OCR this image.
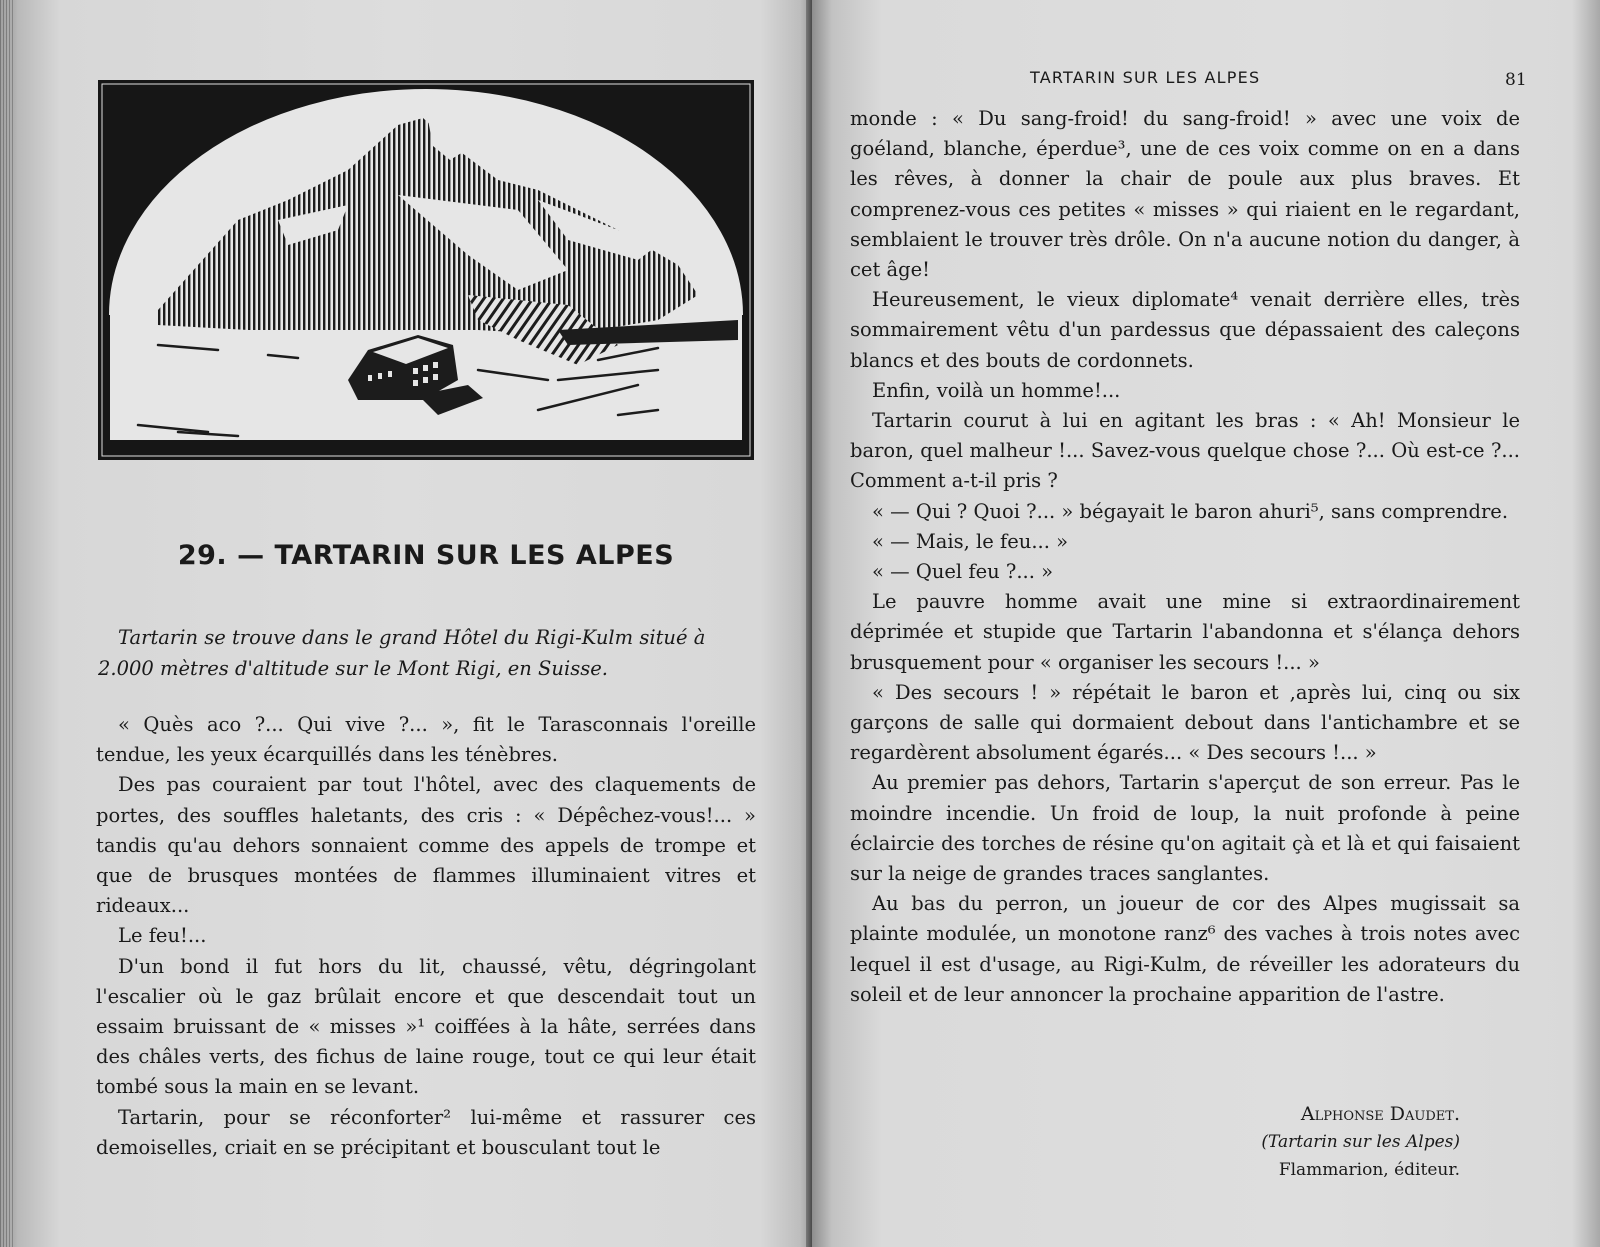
29. — TARTARIN SUR LES ALPES
Tartarin se trouve dans le grand Hôtel du Rigi-Kulm situé à 2.000 mètres d'altitude sur le Mont Rigi, en Suisse.

« Quès aco ?... Qui vive ?... », fit le Tarasconnais l'oreille tendue, les yeux écarquillés dans les ténèbres.

Des pas couraient par tout l'hôtel, avec des claquements de portes, des souffles haletants, des cris : « Dépêchez-vous!... » tandis qu'au dehors sonnaient comme des appels de trompe et que de brusques montées de flammes illuminaient vitres et rideaux...

Le feu!...

D'un bond il fut hors du lit, chaussé, vêtu, dégringolant l'escalier où le gaz brûlait encore et que descendait tout un essaim bruissant de « misses »¹ coiffées à la hâte, serrées dans des châles verts, des fichus de laine rouge, tout ce qui leur était tombé sous la main en se levant.

Tartarin, pour se réconforter² lui-même et rassurer ces demoiselles, criait en se précipitant et bousculant tout le

TARTARIN SUR LES ALPES	81

monde : « Du sang-froid! du sang-froid! » avec une voix de goéland, blanche, éperdue³, une de ces voix comme on en a dans les rêves, à donner la chair de poule aux plus braves. Et comprenez-vous ces petites « misses » qui riaient en le regardant, semblaient le trouver très drôle. On n'a aucune notion du danger, à cet âge!

Heureusement, le vieux diplomate⁴ venait derrière elles, très sommairement vêtu d'un pardessus que dépassaient des caleçons blancs et des bouts de cordonnets.

Enfin, voilà un homme!...

Tartarin courut à lui en agitant les bras : « Ah! Monsieur le baron, quel malheur !... Savez-vous quelque chose ?... Où est-ce ?... Comment a-t-il pris ?

« — Qui ? Quoi ?... » bégayait le baron ahuri⁵, sans comprendre.

« — Mais, le feu... »

« — Quel feu ?... »

Le pauvre homme avait une mine si extraordinairement déprimée et stupide que Tartarin l'abandonna et s'élança dehors brusquement pour « organiser les secours !... »

« Des secours ! » répétait le baron et ,après lui, cinq ou six garçons de salle qui dormaient debout dans l'antichambre et se regardèrent absolument égarés... « Des secours !... »

Au premier pas dehors, Tartarin s'aperçut de son erreur. Pas le moindre incendie. Un froid de loup, la nuit profonde à peine éclaircie des torches de résine qu'on agitait çà et là et qui faisaient sur la neige de grandes traces sanglantes.

Au bas du perron, un joueur de cor des Alpes mugissait sa plainte modulée, un monotone ranz⁶ des vaches à trois notes avec lequel il est d'usage, au Rigi-Kulm, de réveiller les adorateurs du soleil et de leur annoncer la prochaine apparition de l'astre.

Alphonse Daudet.
(Tartarin sur les Alpes)
Flammarion, éditeur.
